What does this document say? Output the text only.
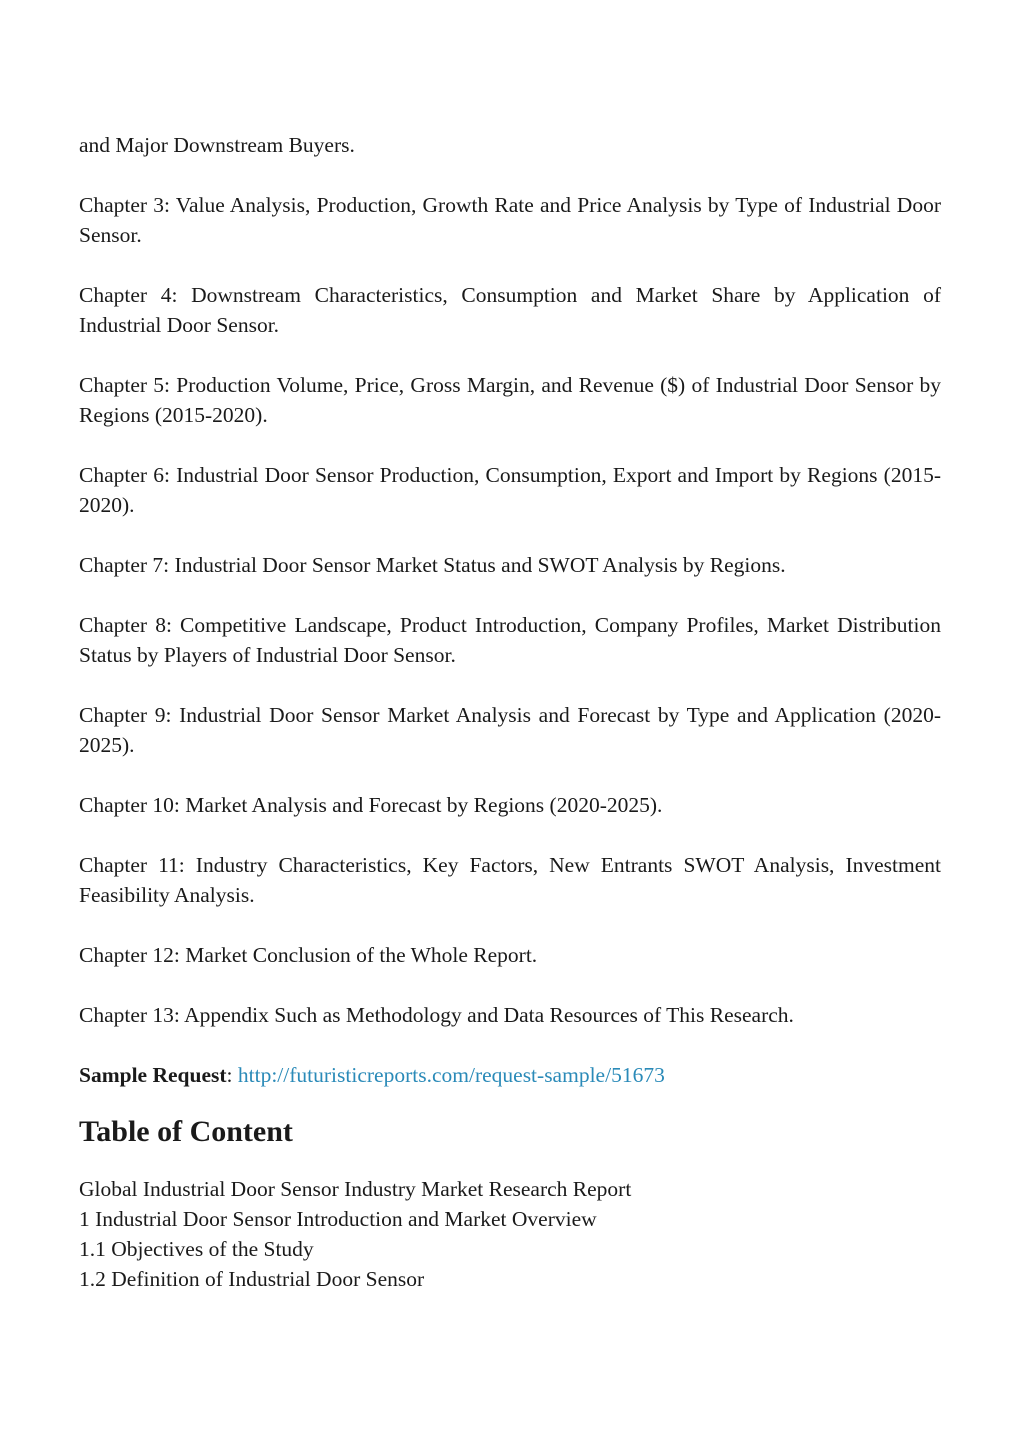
and Major Downstream Buyers.

Chapter 3: Value Analysis, Production, Growth Rate and Price Analysis by Type of Industrial Door Sensor.

Chapter 4: Downstream Characteristics, Consumption and Market Share by Application of Industrial Door Sensor.

Chapter 5: Production Volume, Price, Gross Margin, and Revenue ($) of Industrial Door Sensor by Regions (2015-2020).

Chapter 6: Industrial Door Sensor Production, Consumption, Export and Import by Regions (2015-2020).

Chapter 7: Industrial Door Sensor Market Status and SWOT Analysis by Regions.

Chapter 8: Competitive Landscape, Product Introduction, Company Profiles, Market Distribution Status by Players of Industrial Door Sensor.

Chapter 9: Industrial Door Sensor Market Analysis and Forecast by Type and Application (2020-2025).

Chapter 10: Market Analysis and Forecast by Regions (2020-2025).

Chapter 11: Industry Characteristics, Key Factors, New Entrants SWOT Analysis, Investment Feasibility Analysis.

Chapter 12: Market Conclusion of the Whole Report.

Chapter 13: Appendix Such as Methodology and Data Resources of This Research.

Sample Request: http://futuristicreports.com/request-sample/51673

Table of Content

Global Industrial Door Sensor Industry Market Research Report

1 Industrial Door Sensor Introduction and Market Overview

1.1 Objectives of the Study

1.2 Definition of Industrial Door Sensor
